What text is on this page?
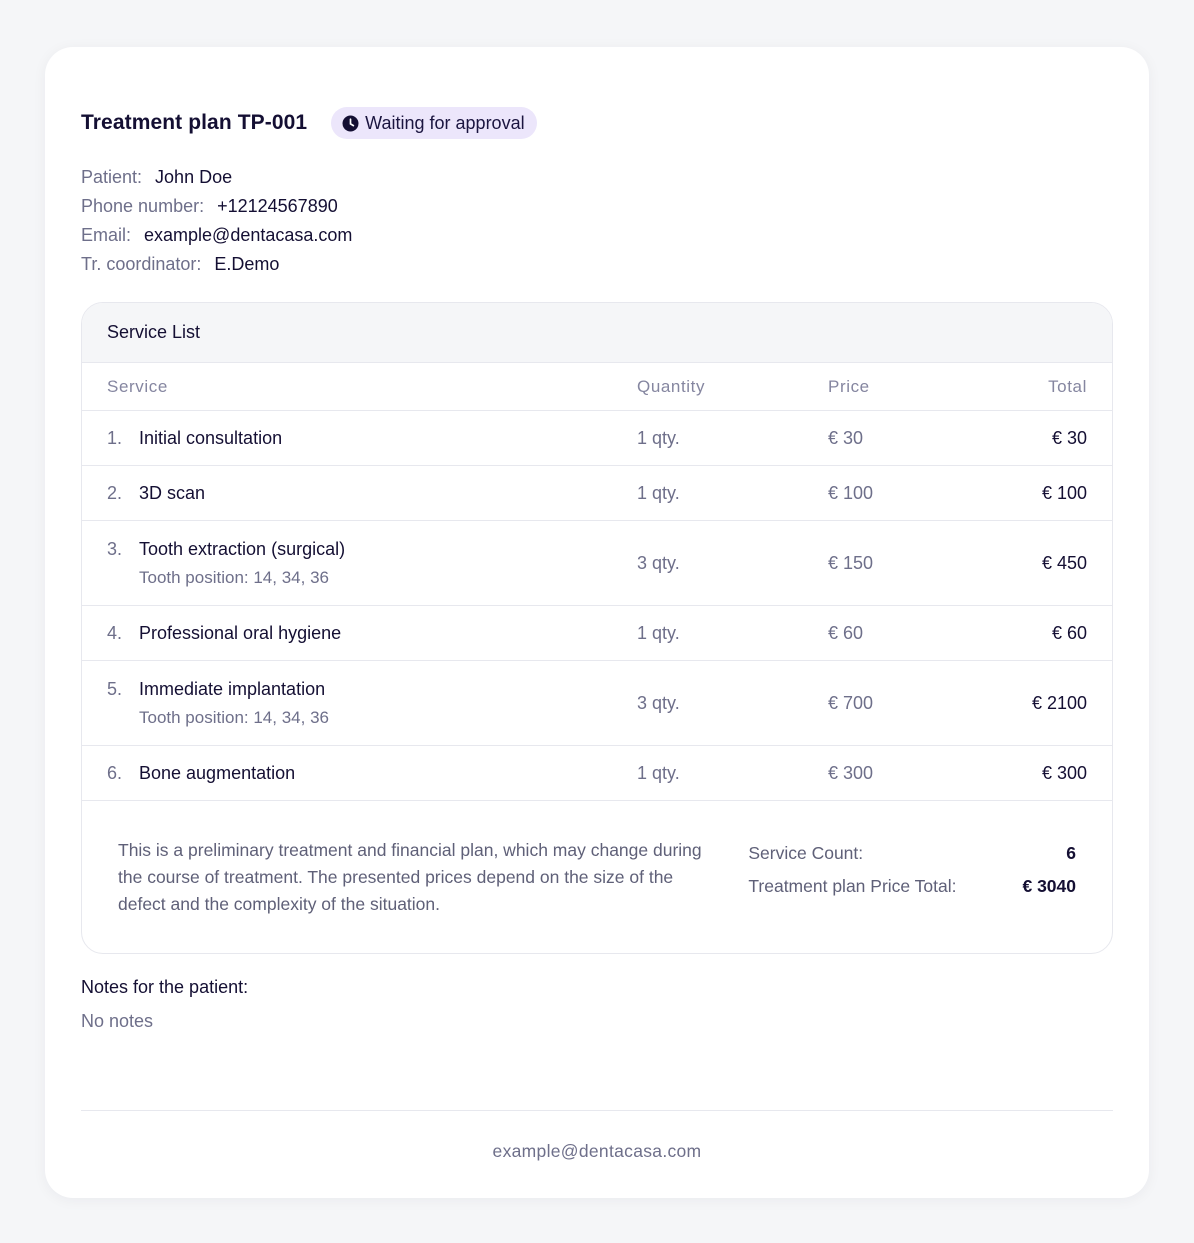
Treatment plan TP-001	Waiting for approval
Patient: John Doe
Phone number: +12124567890
Email: example@dentacasa.com
Tr. coordinator: E.Demo
Service List
Service	Quantity	Price	Total
1. Initial consultation	1 qty.	€ 30	€ 30
2. 3D scan	1 qty.	€ 100	€ 100
3. Tooth extraction (surgical)
Tooth position: 14, 34, 36
3 qty.	€ 150	€ 450
4. Professional oral hygiene	1 qty.	€ 60	€ 60
5. Immediate implantation
Tooth position: 14, 34, 36
3 qty.	€ 700	€ 2100
6. Bone augmentation	1 qty.	€ 300	€ 300

This is a preliminary treatment and financial plan, which may change during the course of treatment. The presented prices depend on the size of the defect and the complexity of the situation.

Service Count:	6
Treatment plan Price Total:	€ 3040
Notes for the patient:
No notes
example@dentacasa.com
